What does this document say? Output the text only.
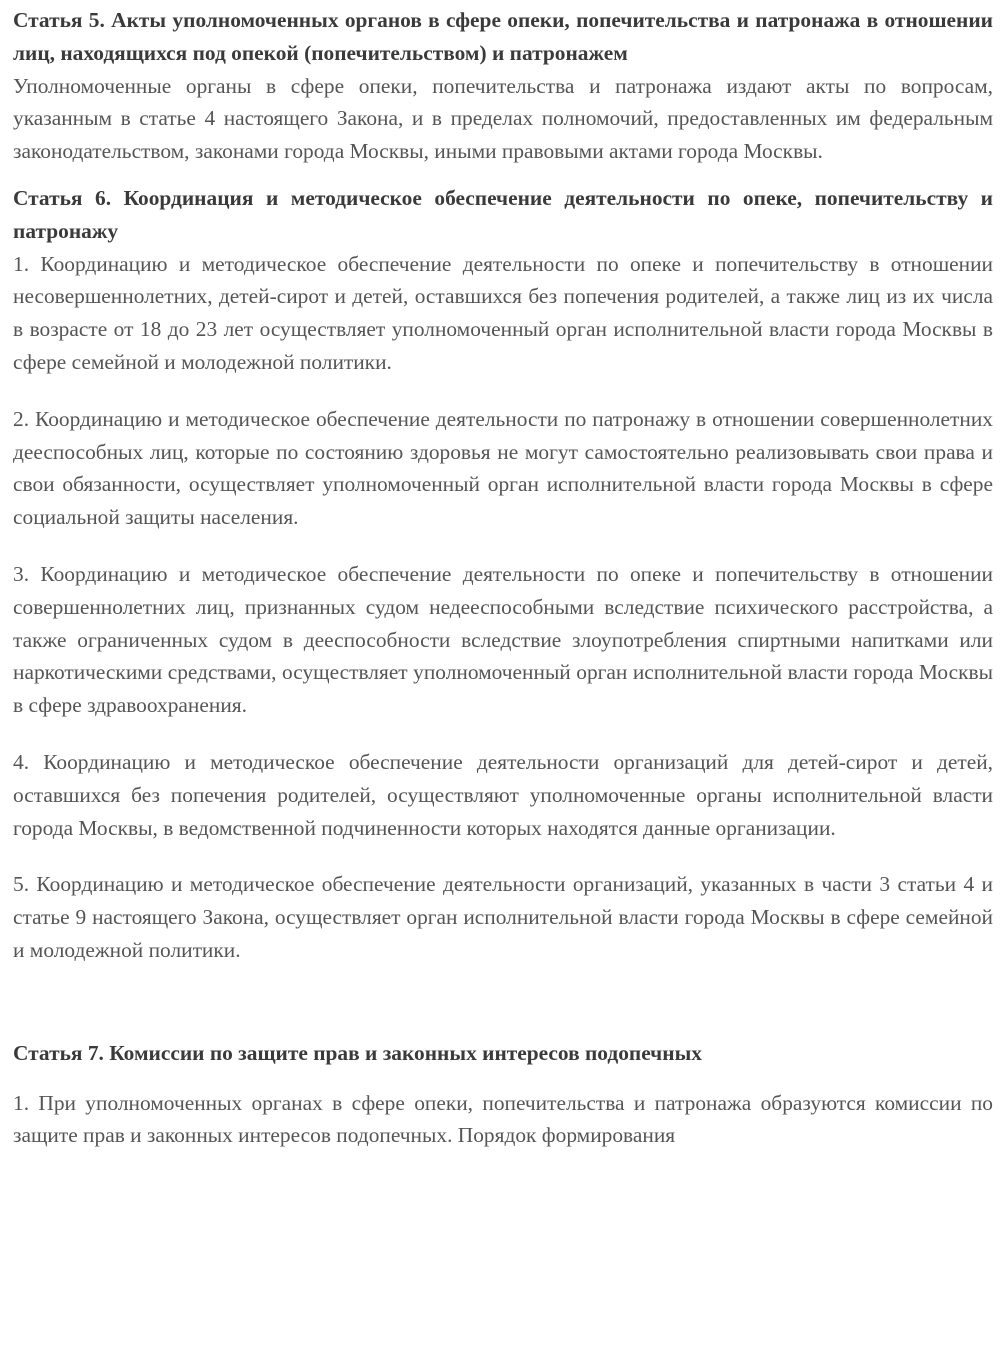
Статья 5. Акты уполномоченных органов в сфере опеки, попечительства и патронажа в отношении лиц, находящихся под опекой (попечительством) и патронажем

Уполномоченные органы в сфере опеки, попечительства и патронажа издают акты по вопросам, указанным в статье 4 настоящего Закона, и в пределах полномочий, предоставленных им федеральным законодательством, законами города Москвы, иными правовыми актами города Москвы.

Статья 6. Координация и методическое обеспечение деятельности по опеке, попечительству и патронажу

1. Координацию и методическое обеспечение деятельности по опеке и попечительству в отношении несовершеннолетних, детей-сирот и детей, оставшихся без попечения родителей, а также лиц из их числа в возрасте от 18 до 23 лет осуществляет уполномоченный орган исполнительной власти города Москвы в сфере семейной и молодежной политики.

2. Координацию и методическое обеспечение деятельности по патронажу в отношении совершеннолетних дееспособных лиц, которые по состоянию здоровья не могут самостоятельно реализовывать свои права и свои обязанности, осуществляет уполномоченный орган исполнительной власти города Москвы в сфере социальной защиты населения.

3. Координацию и методическое обеспечение деятельности по опеке и попечительству в отношении совершеннолетних лиц, признанных судом недееспособными вследствие психического расстройства, а также ограниченных судом в дееспособности вследствие злоупотребления спиртными напитками или наркотическими средствами, осуществляет уполномоченный орган исполнительной власти города Москвы в сфере здравоохранения.

4. Координацию и методическое обеспечение деятельности организаций для детей-сирот и детей, оставшихся без попечения родителей, осуществляют уполномоченные органы исполнительной власти города Москвы, в ведомственной подчиненности которых находятся данные организации.

5. Координацию и методическое обеспечение деятельности организаций, указанных в части 3 статьи 4 и статье 9 настоящего Закона, осуществляет орган исполнительной власти города Москвы в сфере семейной и молодежной политики.

Статья 7. Комиссии по защите прав и законных интересов подопечных

1. При уполномоченных органах в сфере опеки, попечительства и патронажа образуются комиссии по защите прав и законных интересов подопечных. Порядок формирования
